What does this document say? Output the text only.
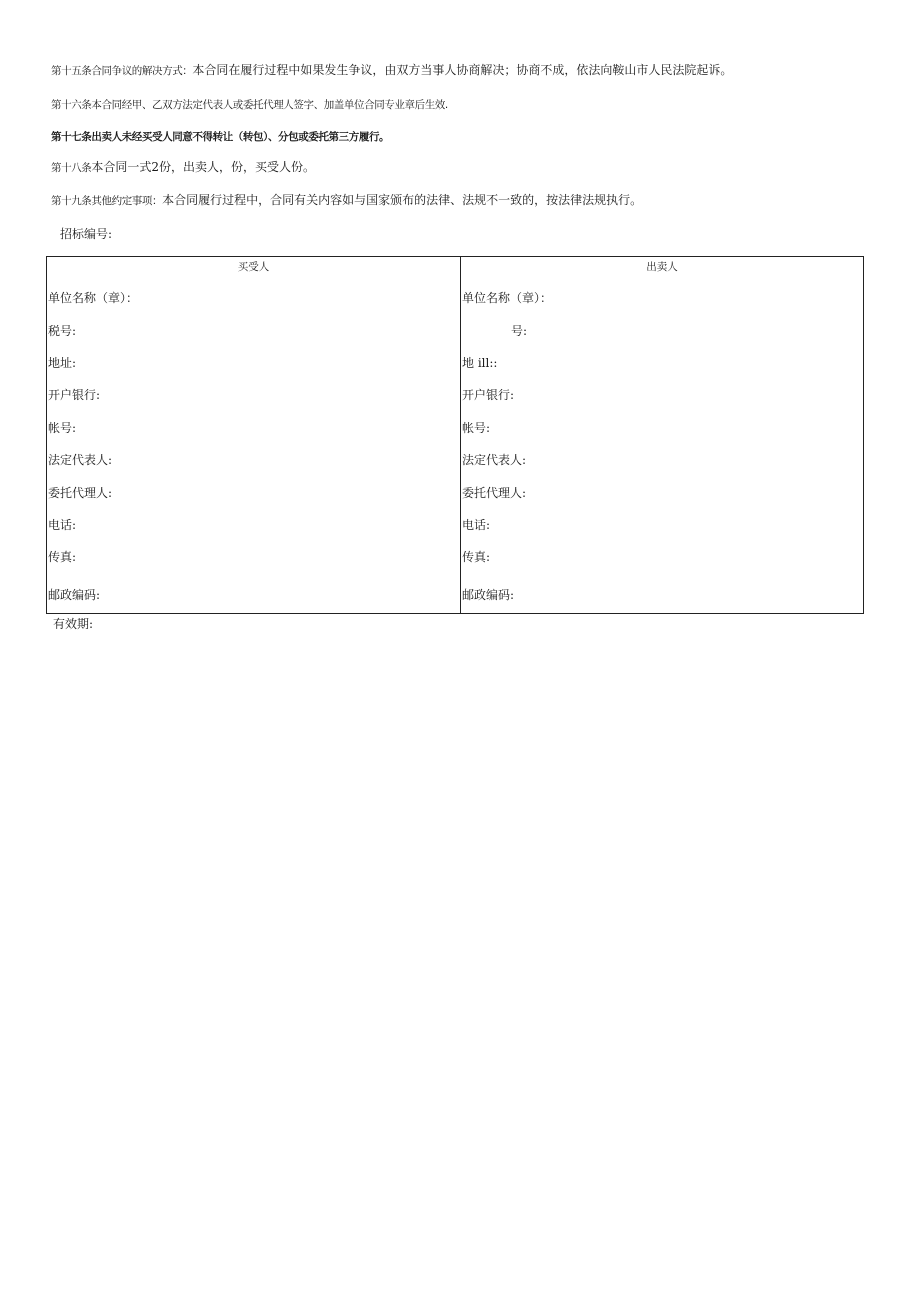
第十五条合同争议的解决方式：本合同在履行过程中如果发生争议，由双方当事人协商解决；协商不成，依法向鞍山市人民法院起诉。
第十六条本合同经甲、乙双方法定代表人或委托代理人签字、加盖单位合同专业章后生效.
第十七条出卖人未经买受人同意不得转让（转包）、分包或委托第三方履行。
第十八条本合同一式2份，出卖人，份，买受人份。
第十九条其他约定事项：本合同履行过程中，合同有关内容如与国家颁布的法律、法规不一致的，按法律法规执行。
招标编号:
买受人
单位名称（章）：
税号:
地址:
开户银行:
帐号:
法定代表人:
委托代理人:
电话:
传真:
邮政编码:
出卖人
单位名称（章）：
号:
地 ill::
开户银行:
帐号:
法定代表人:
委托代理人:
电话:
传真:
邮政编码:
有效期:
